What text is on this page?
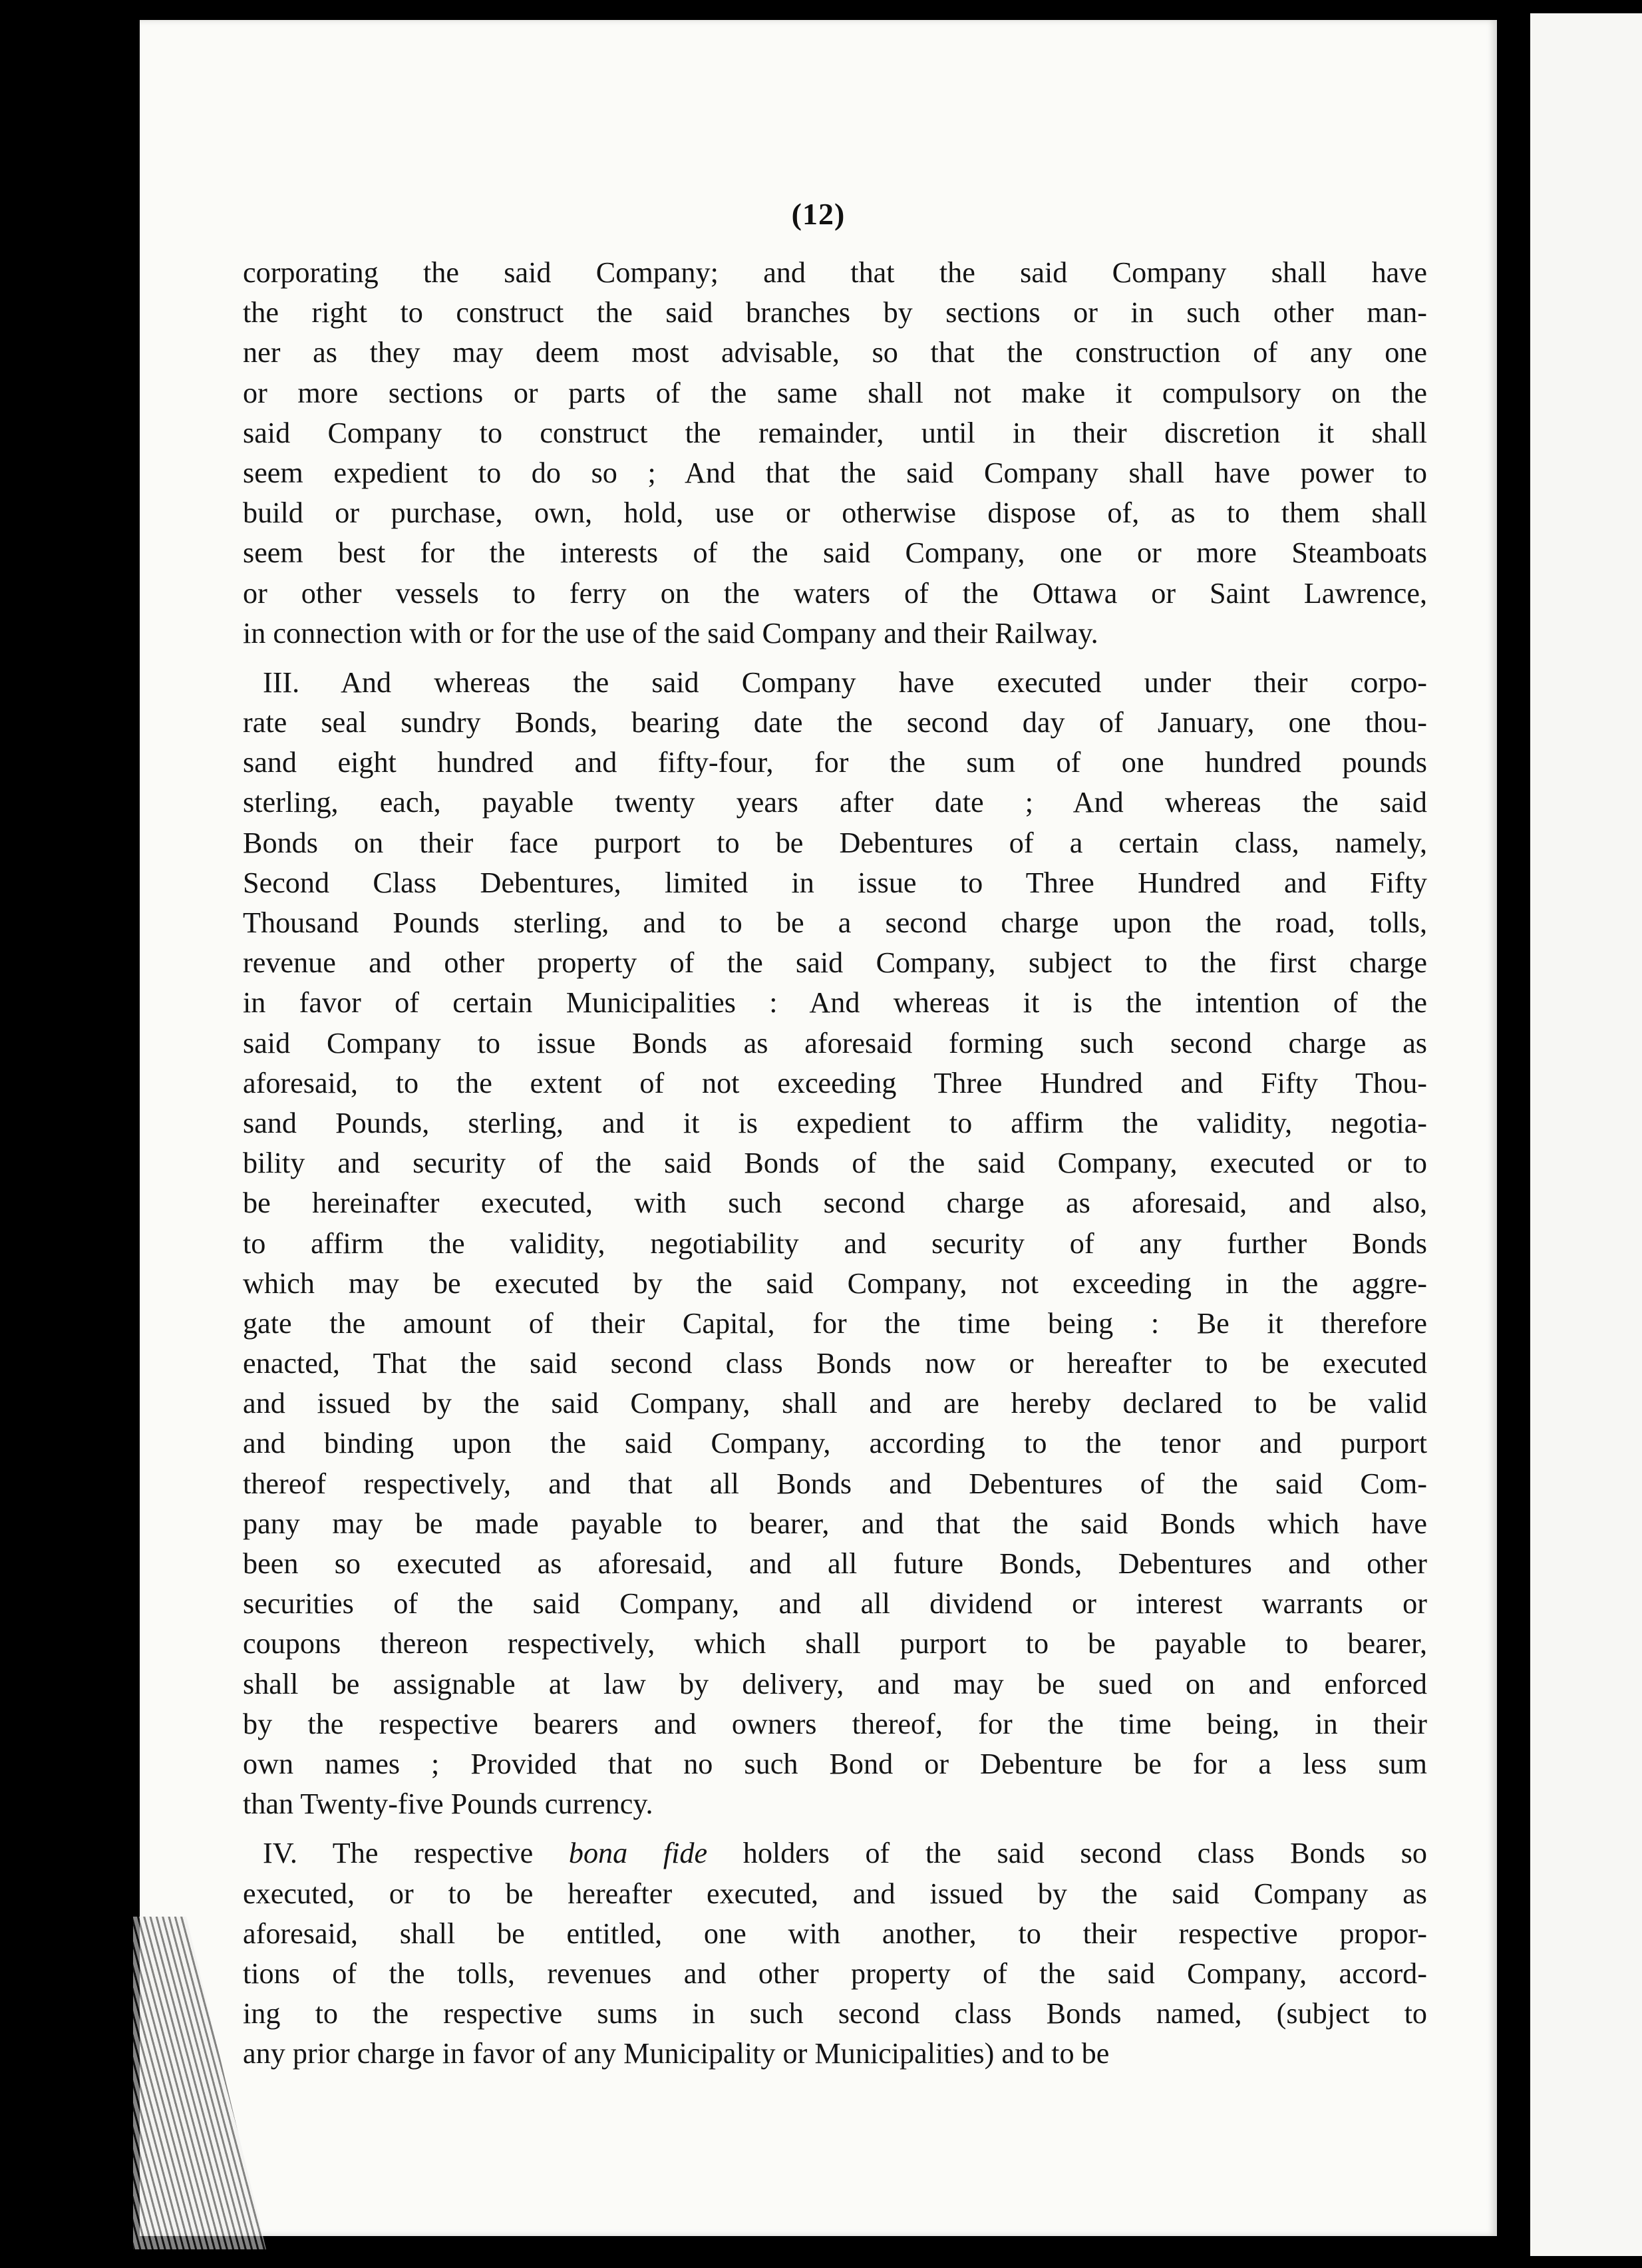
(12)
corporating the said Company; and that the said Company shall have
the right to construct the said branches by sections or in such other man-
ner as they may deem most advisable, so that the construction of any one
or more sections or parts of the same shall not make it compulsory on the
said Company to construct the remainder, until in their discretion it shall
seem expedient to do so ; And that the said Company shall have power to
build or purchase, own, hold, use or otherwise dispose of, as to them shall
seem best for the interests of the said Company, one or more Steamboats
or other vessels to ferry on the waters of the Ottawa or Saint Lawrence,
in connection with or for the use of the said Company and their Railway.
III. And whereas the said Company have executed under their corpo-
rate seal sundry Bonds, bearing date the second day of January, one thou-
sand eight hundred and fifty-four, for the sum of one hundred pounds
sterling, each, payable twenty years after date ; And whereas the said
Bonds on their face purport to be Debentures of a certain class, namely,
Second Class Debentures, limited in issue to Three Hundred and Fifty
Thousand Pounds sterling, and to be a second charge upon the road, tolls,
revenue and other property of the said Company, subject to the first charge
in favor of certain Municipalities : And whereas it is the intention of the
said Company to issue Bonds as aforesaid forming such second charge as
aforesaid, to the extent of not exceeding Three Hundred and Fifty Thou-
sand Pounds, sterling, and it is expedient to affirm the validity, negotia-
bility and security of the said Bonds of the said Company, executed or to
be hereinafter executed, with such second charge as aforesaid, and also,
to affirm the validity, negotiability and security of any further Bonds
which may be executed by the said Company, not exceeding in the aggre-
gate the amount of their Capital, for the time being : Be it therefore
enacted, That the said second class Bonds now or hereafter to be executed
and issued by the said Company, shall and are hereby declared to be valid
and binding upon the said Company, according to the tenor and purport
thereof respectively, and that all Bonds and Debentures of the said Com-
pany may be made payable to bearer, and that the said Bonds which have
been so executed as aforesaid, and all future Bonds, Debentures and other
securities of the said Company, and all dividend or interest warrants or
coupons thereon respectively, which shall purport to be payable to bearer,
shall be assignable at law by delivery, and may be sued on and enforced
by the respective bearers and owners thereof, for the time being, in their
own names ; Provided that no such Bond or Debenture be for a less sum
than Twenty-five Pounds currency.
IV. The respective bona fide holders of the said second class Bonds so
executed, or to be hereafter executed, and issued by the said Company as
aforesaid, shall be entitled, one with another, to their respective propor-
tions of the tolls, revenues and other property of the said Company, accord-
ing to the respective sums in such second class Bonds named, (subject to
any prior charge in favor of any Municipality or Municipalities) and to be
